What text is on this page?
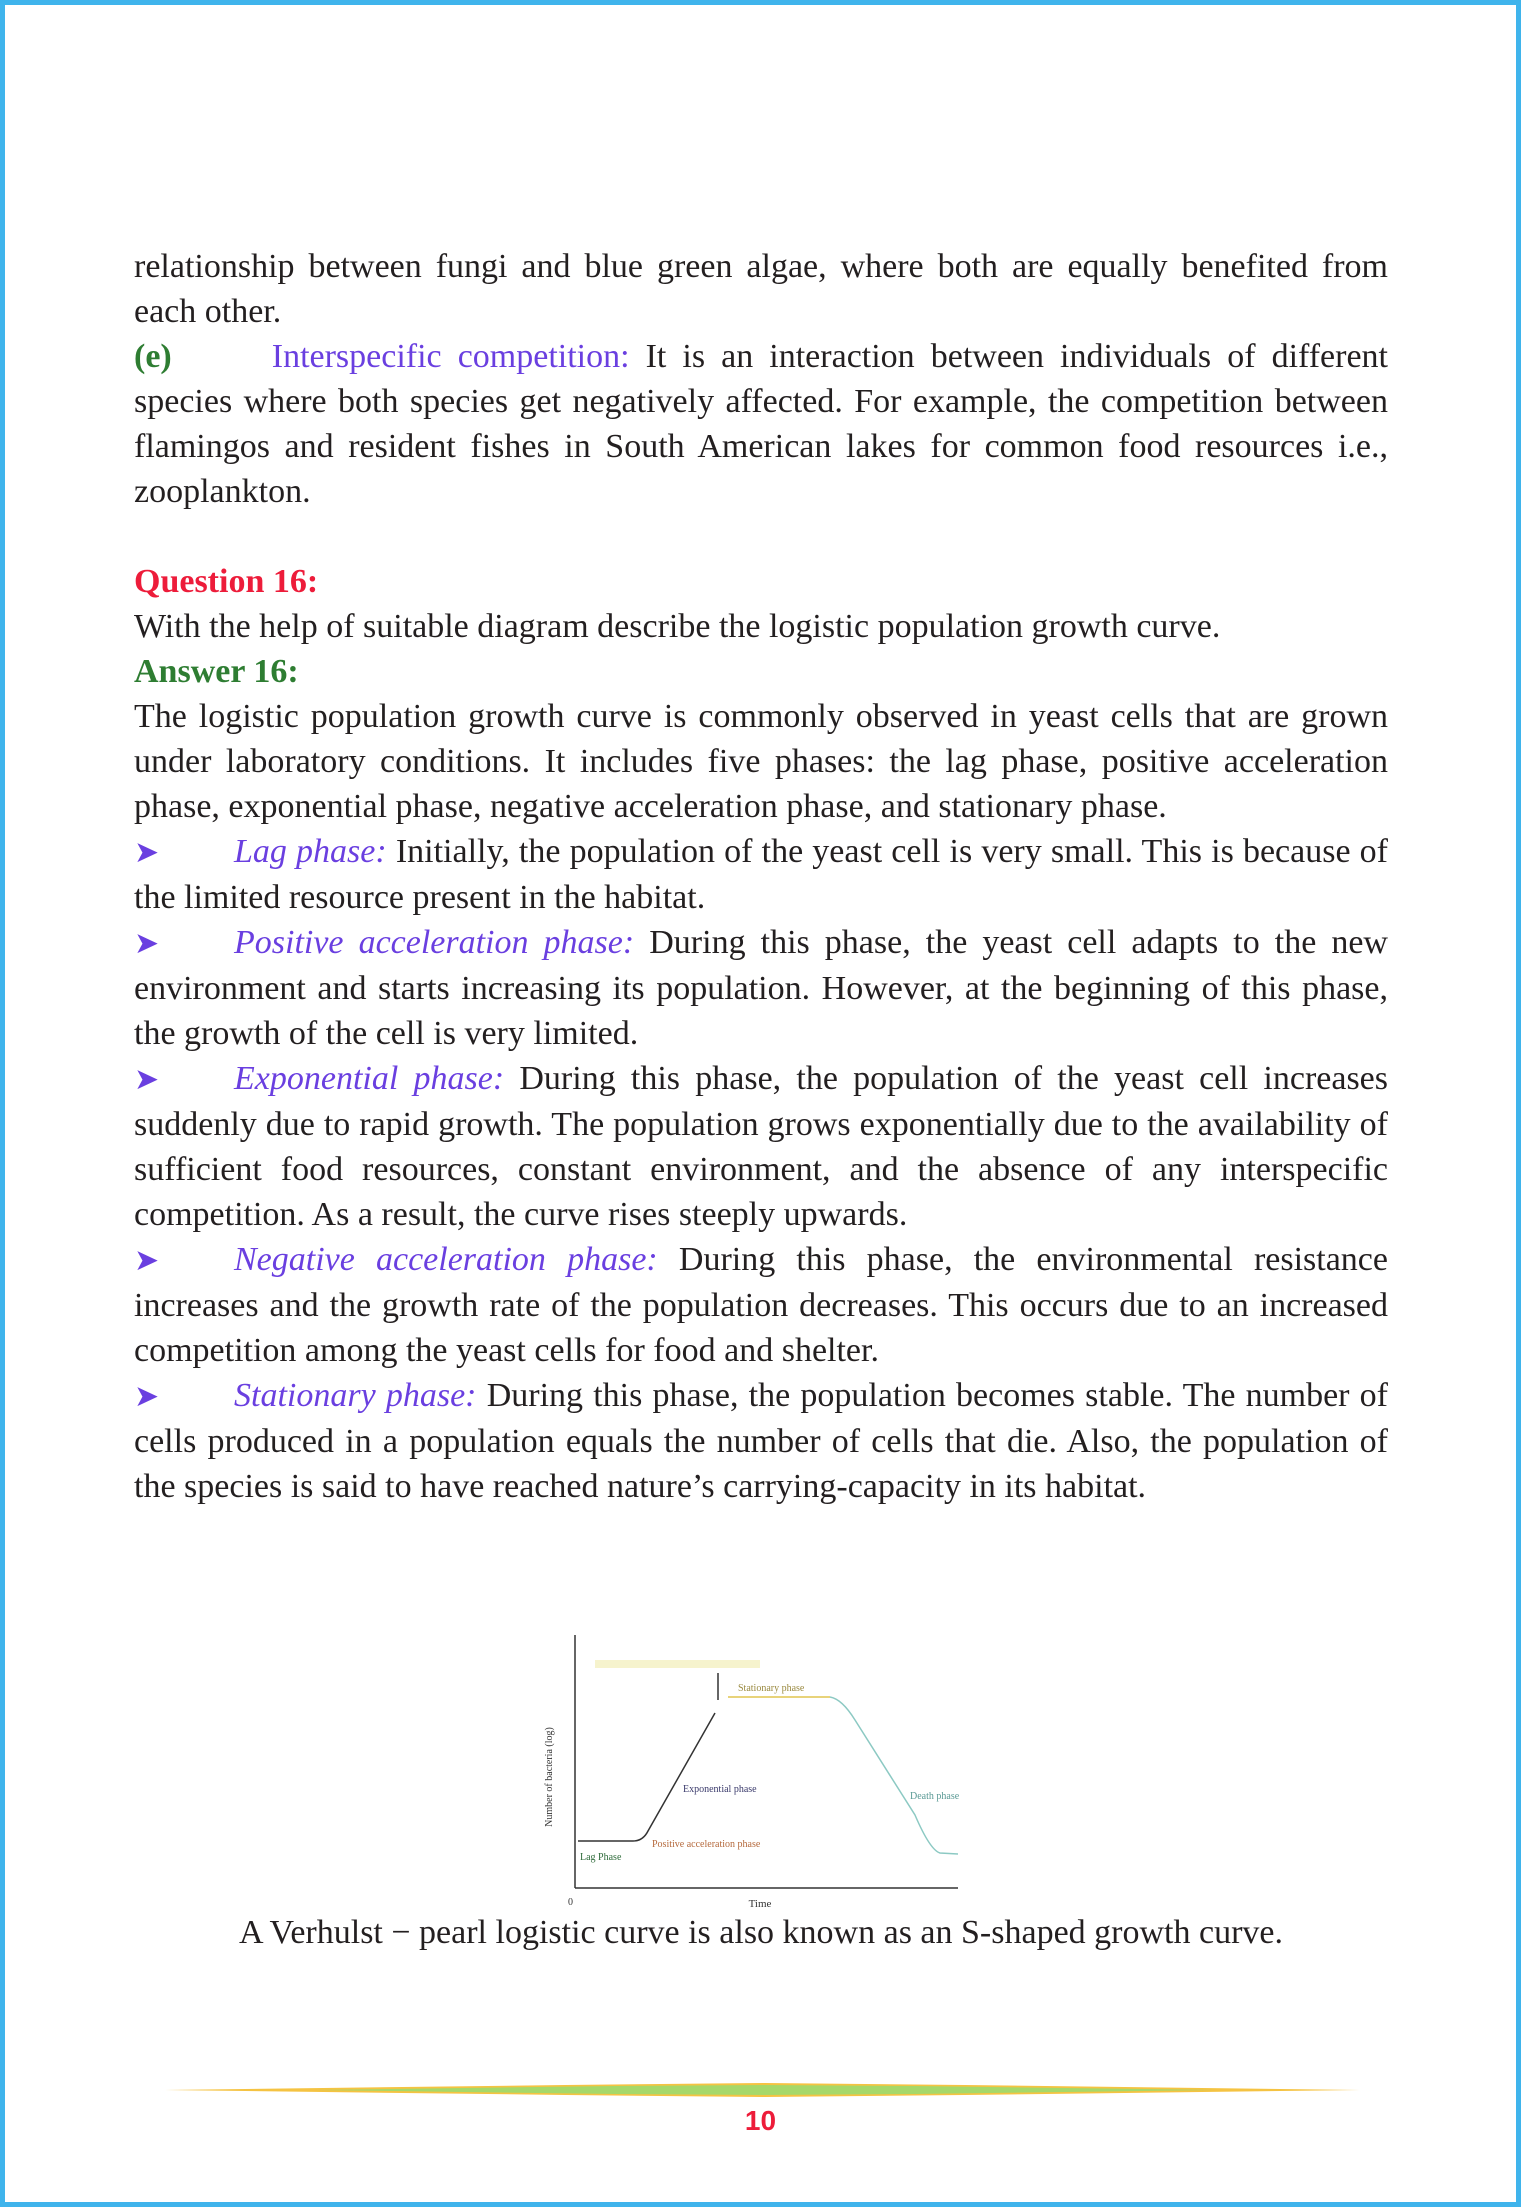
relationship between fungi and blue green algae, where both are equally benefited from each other.

(e)	Interspecific competition: It is an interaction between individuals of different species where both species get negatively affected. For example, the competition between flamingos and resident fishes in South American lakes for common food resources i.e., zooplankton.

Question 16:

With the help of suitable diagram describe the logistic population growth curve.

Answer 16:

The logistic population growth curve is commonly observed in yeast cells that are grown under laboratory conditions. It includes five phases: the lag phase, positive acceleration phase, exponential phase, negative acceleration phase, and stationary phase.

➤ Lag phase: Initially, the population of the yeast cell is very small. This is because of the limited resource present in the habitat.

➤ Positive acceleration phase: During this phase, the yeast cell adapts to the new environment and starts increasing its population. However, at the beginning of this phase, the growth of the cell is very limited.

➤ Exponential phase: During this phase, the population of the yeast cell increases suddenly due to rapid growth. The population grows exponentially due to the availability of sufficient food resources, constant environment, and the absence of any interspecific competition. As a result, the curve rises steeply upwards.

➤ Negative acceleration phase: During this phase, the environmental resistance increases and the growth rate of the population decreases. This occurs due to an increased competition among the yeast cells for food and shelter.

➤ Stationary phase: During this phase, the population becomes stable. The number of cells produced in a population equals the number of cells that die. Also, the population of the species is said to have reached nature’s carrying-capacity in its habitat.

Number of bacteria (log)
Time
0
Lag Phase
Positive acceleration phase
Exponential phase
Stationary phase
Death phase
A Verhulst − pearl logistic curve is also known as an S-shaped growth curve.
10
